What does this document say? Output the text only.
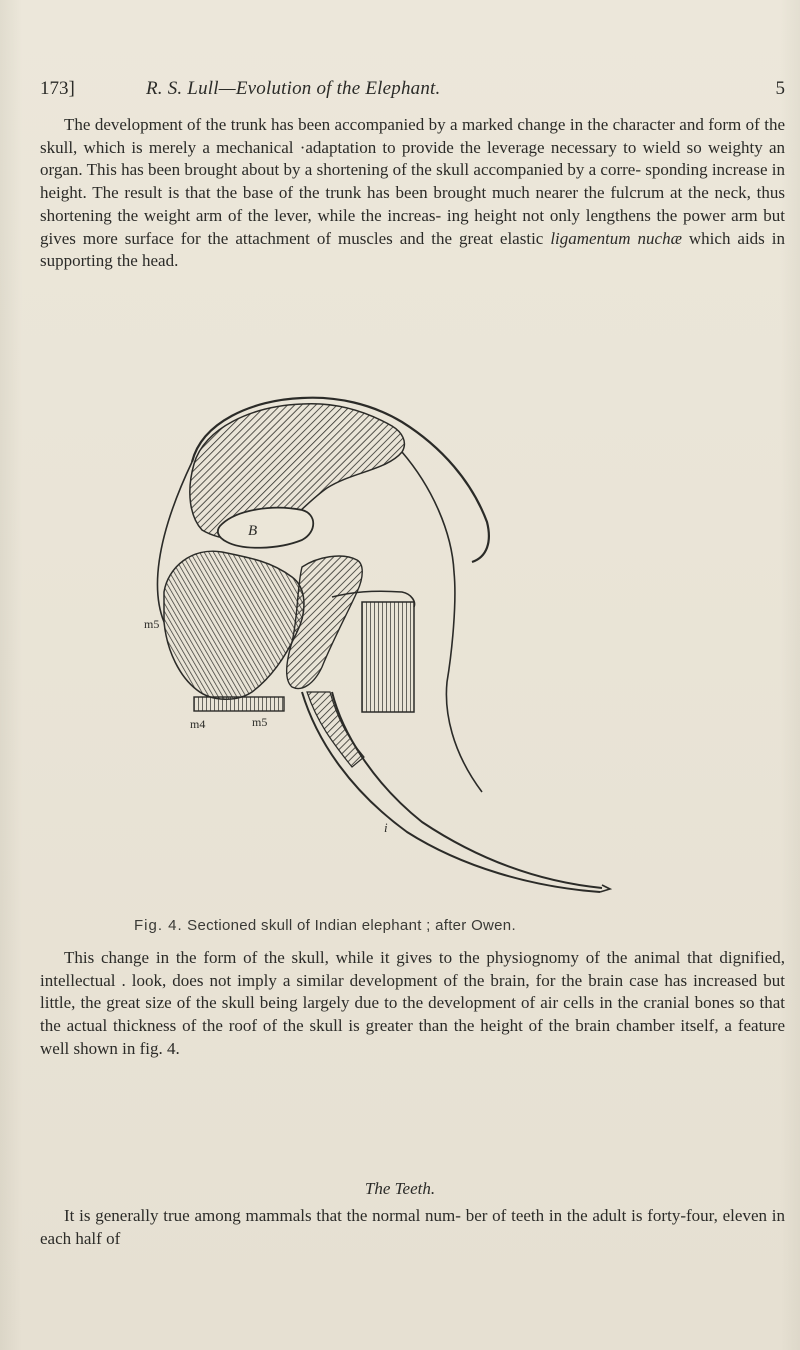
173]	R. S. Lull—Evolution of the Elephant.	5

The development of the trunk has been accompanied by a marked change in the character and form of the skull, which is merely a mechanical ·adaptation to provide the leverage necessary to wield so weighty an organ. This has been brought about by a shortening of the skull accompanied by a corre- sponding increase in height. The result is that the base of the trunk has been brought much nearer the fulcrum at the neck, thus shortening the weight arm of the lever, while the increas- ing height not only lengthens the power arm but gives more surface for the attachment of muscles and the great elastic ligamentum nuchæ which aids in supporting the head.

B
m5
m4	m5
i
Fig. 4. Sectioned skull of Indian elephant ; after Owen.

This change in the form of the skull, while it gives to the physiognomy of the animal that dignified, intellectual . look, does not imply a similar development of the brain, for the brain case has increased but little, the great size of the skull being largely due to the development of air cells in the cranial bones so that the actual thickness of the roof of the skull is greater than the height of the brain chamber itself, a feature well shown in fig. 4.

The Teeth.

It is generally true among mammals that the normal num- ber of teeth in the adult is forty-four, eleven in each half of
